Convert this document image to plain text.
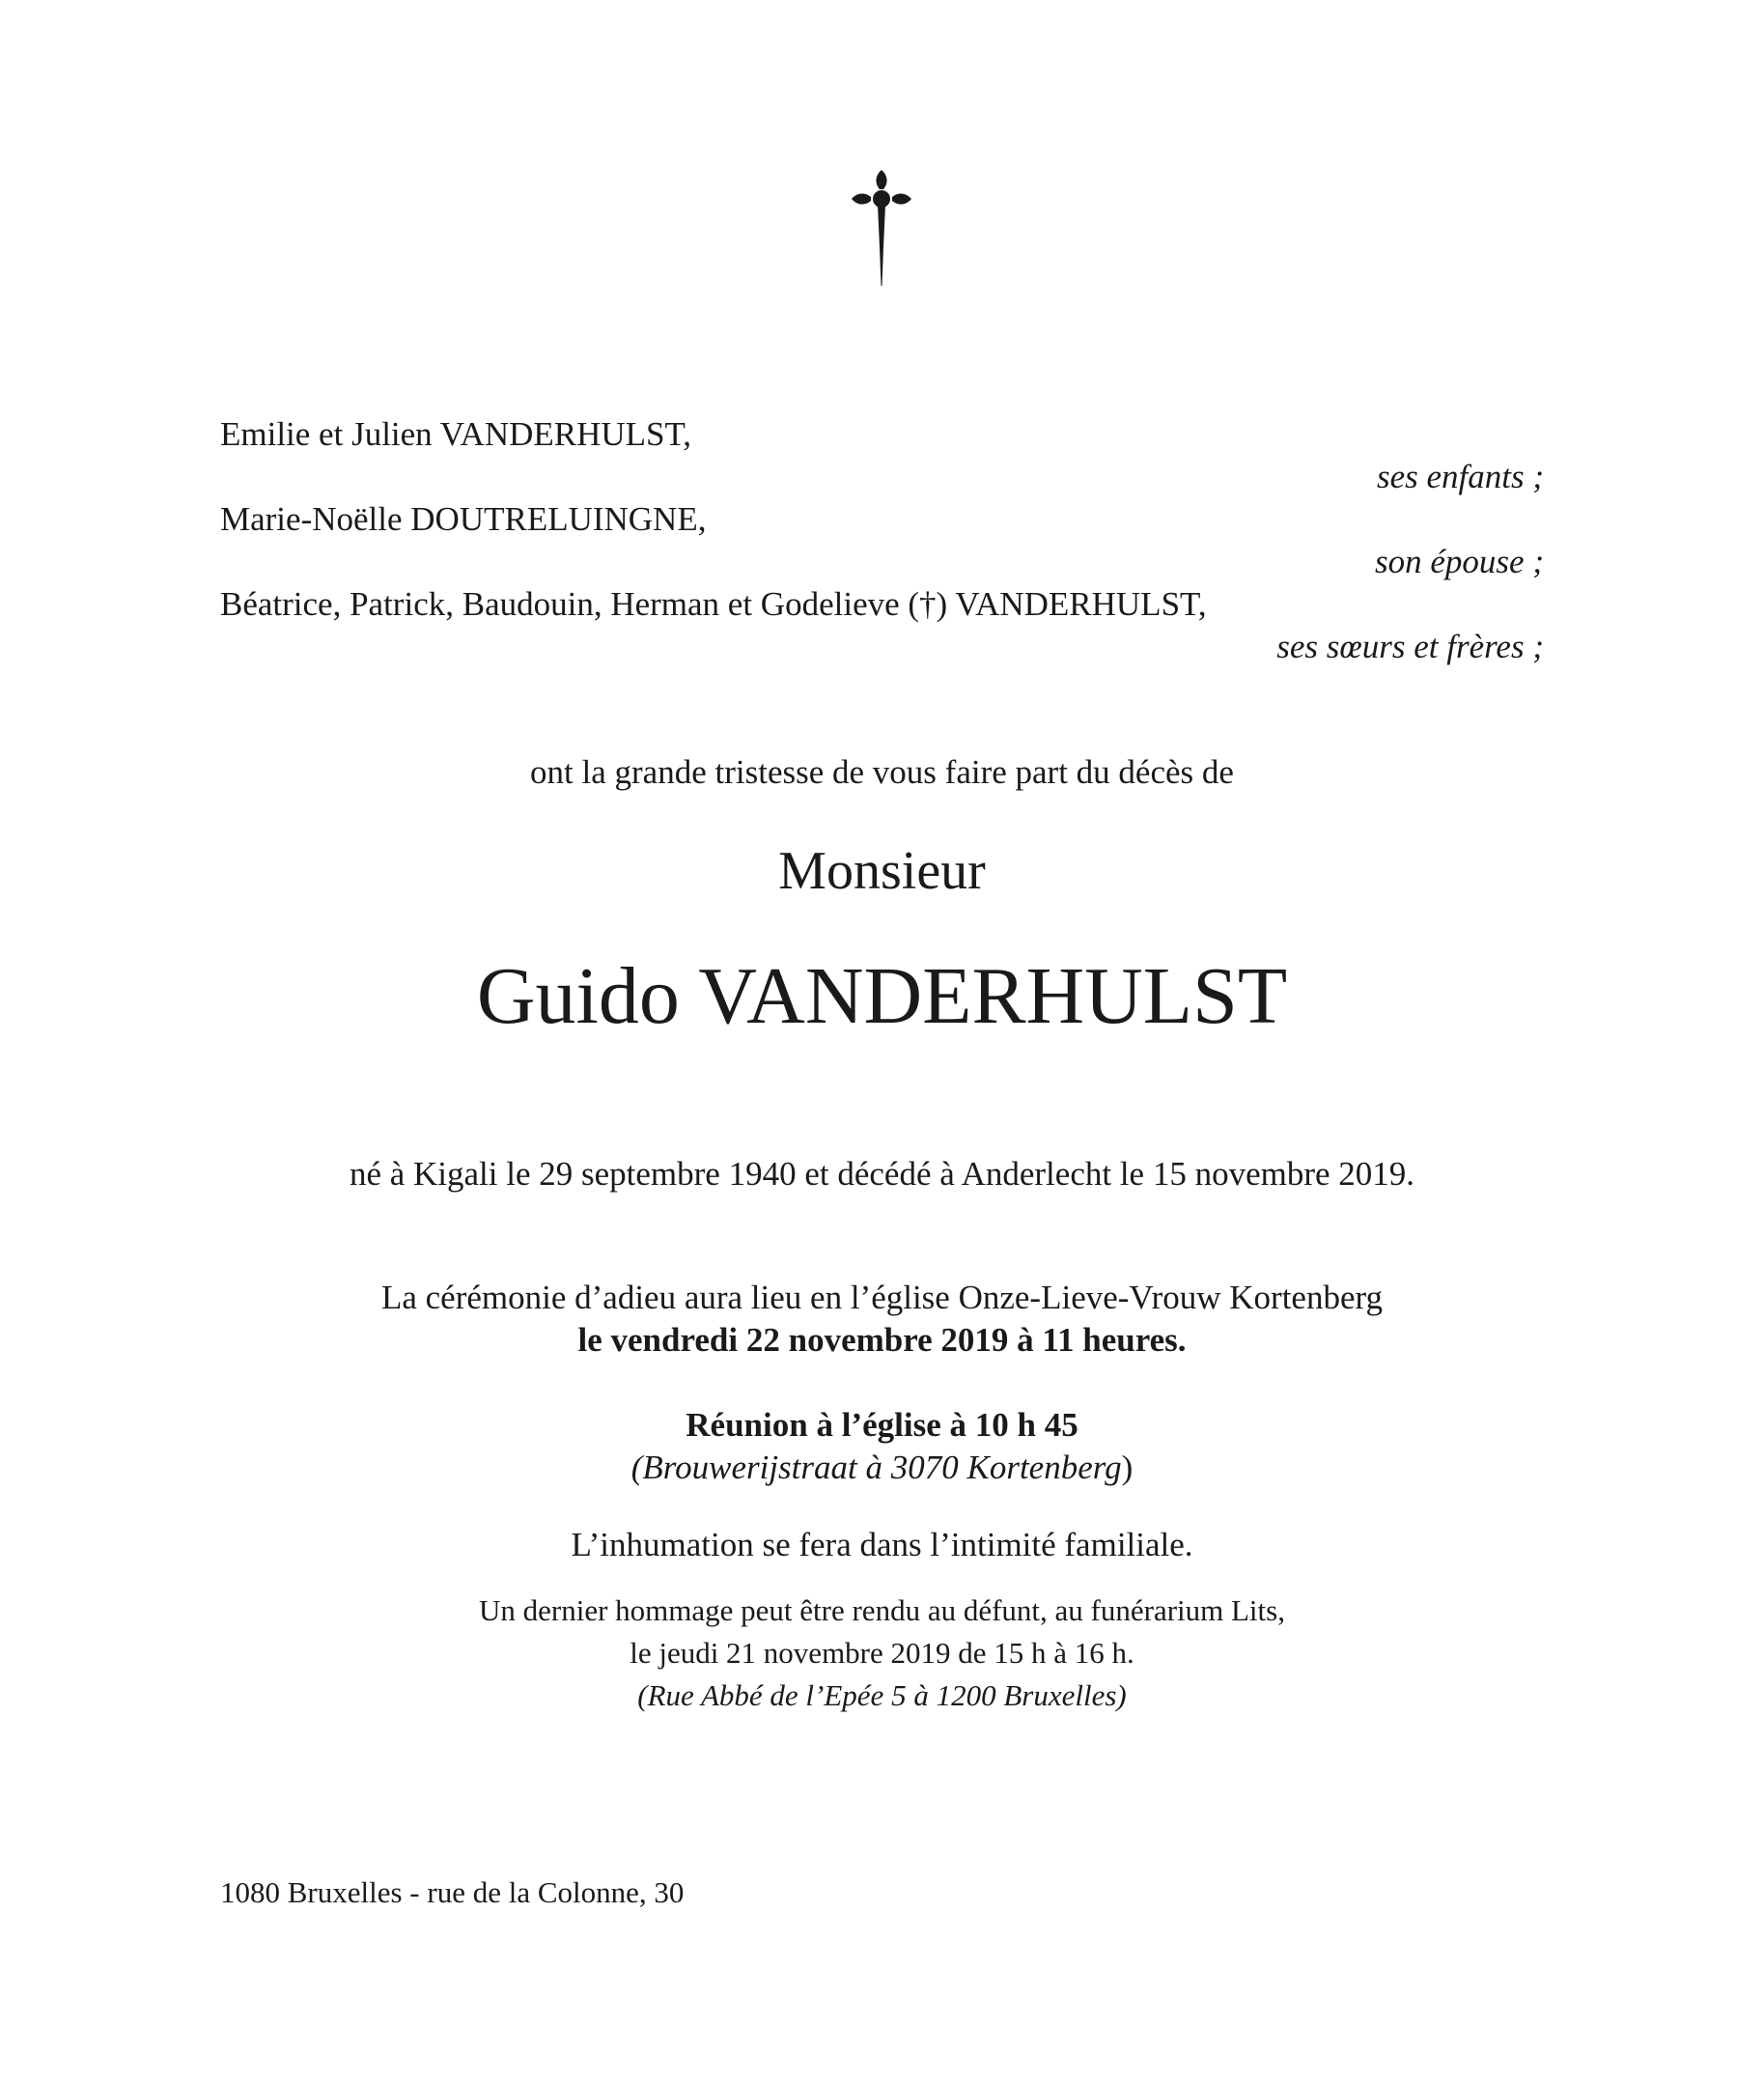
Emilie et Julien VANDERHULST,
ses enfants ;
Marie-Noëlle DOUTRELUINGNE,
son épouse ;
Béatrice, Patrick, Baudouin, Herman et Godelieve (†) VANDERHULST,
ses sœurs et frères ;
ont la grande tristesse de vous faire part du décès de
Monsieur
Guido VANDERHULST
né à Kigali le 29 septembre 1940 et décédé à Anderlecht le 15 novembre 2019.
La cérémonie d’adieu aura lieu en l’église Onze-Lieve-Vrouw Kortenberg
le vendredi 22 novembre 2019 à 11 heures.
Réunion à l’église à 10 h 45
(Brouwerijstraat à 3070 Kortenberg)
L’inhumation se fera dans l’intimité familiale.
Un dernier hommage peut être rendu au défunt, au funérarium Lits,
le jeudi 21 novembre 2019 de 15 h à 16 h.
(Rue Abbé de l’Epée 5 à 1200 Bruxelles)
1080 Bruxelles - rue de la Colonne, 30
